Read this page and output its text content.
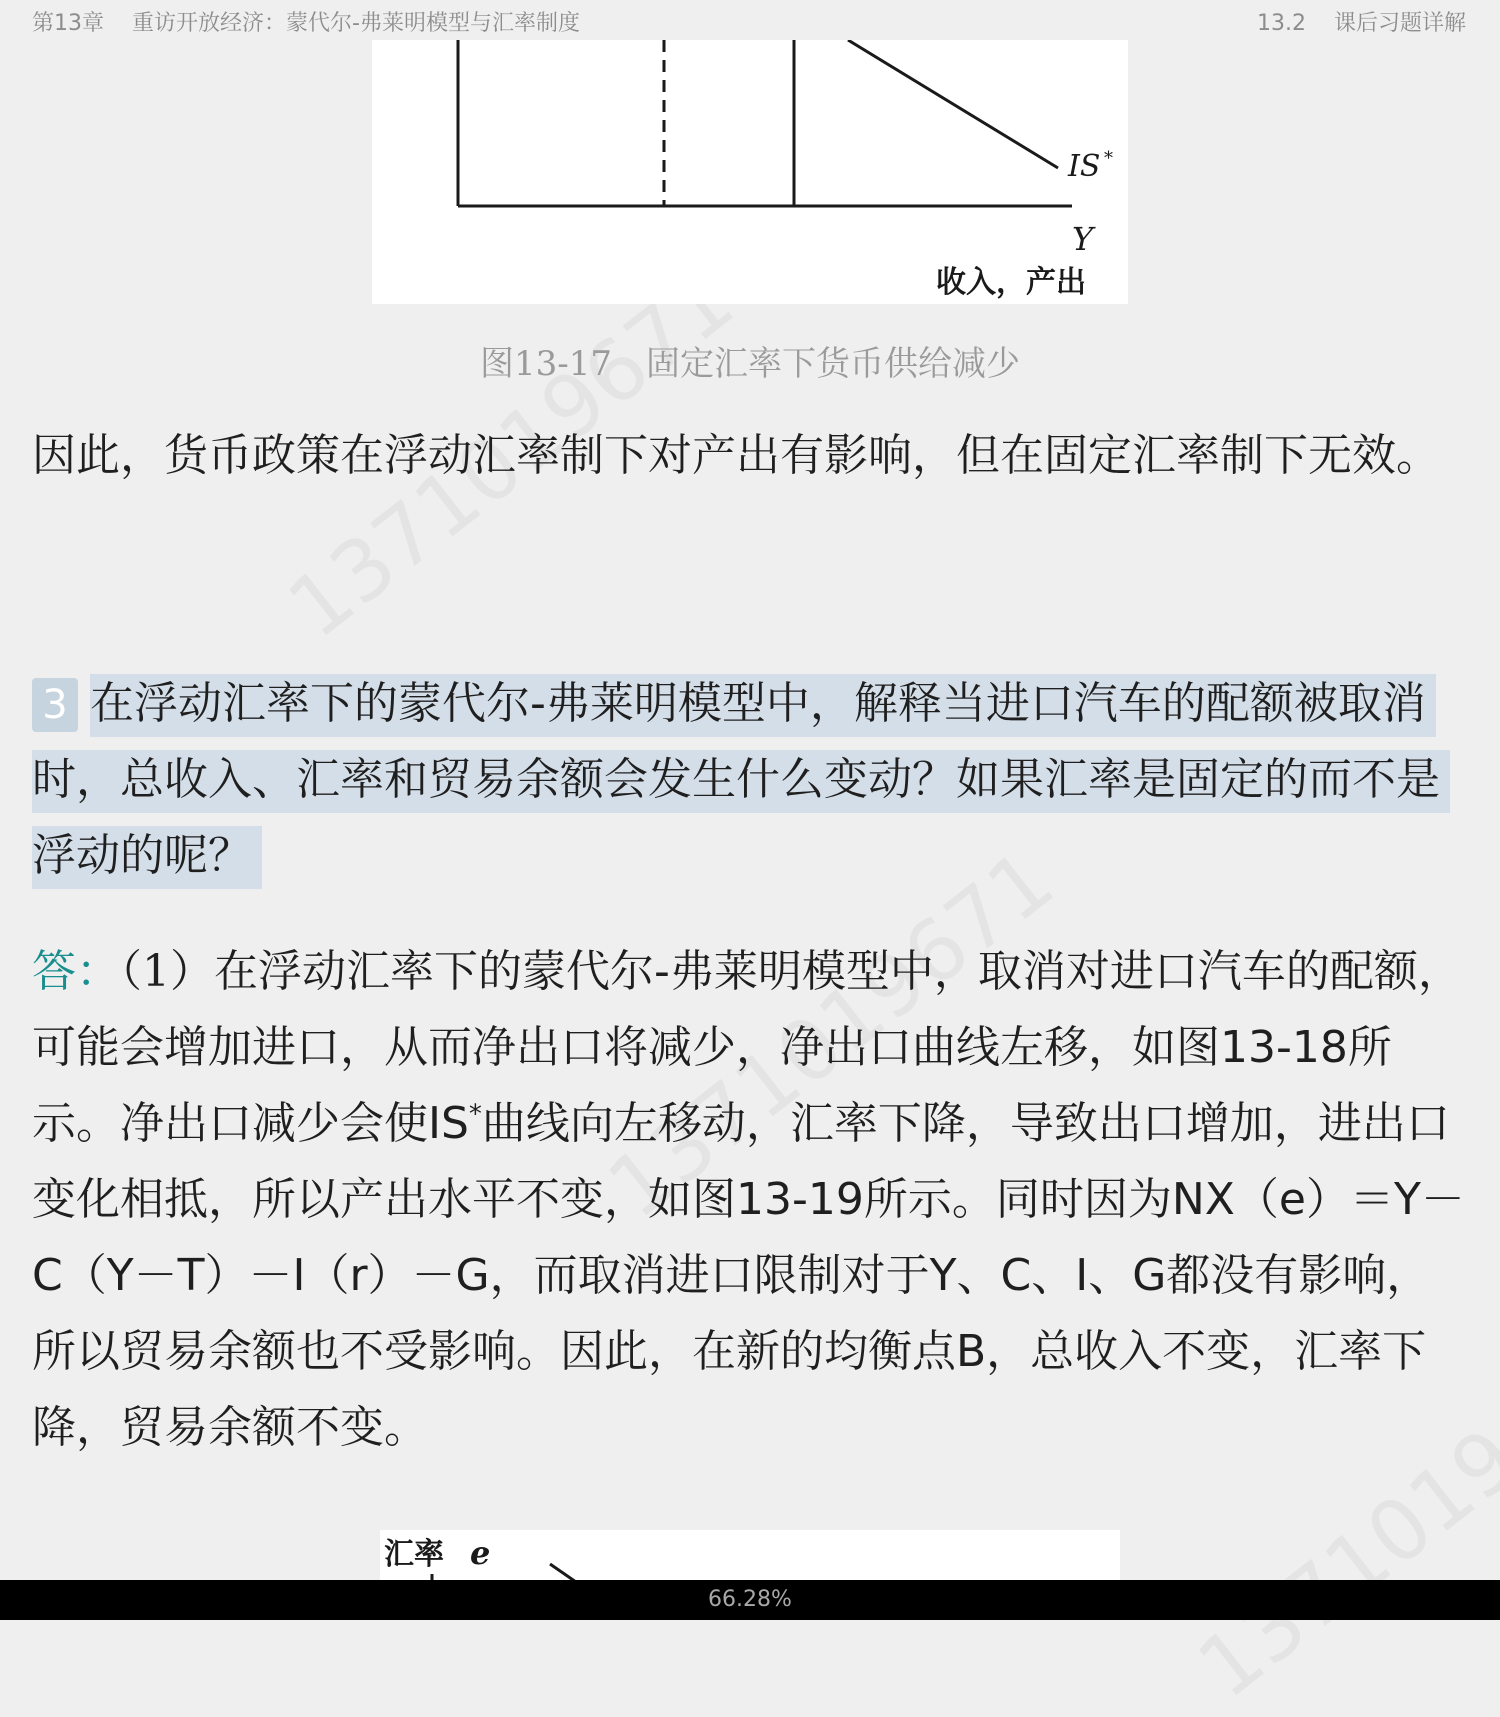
第13章 重访开放经济：蒙代尔-弗莱明模型与汇率制度	13.2 课后习题详解
IS *
Y
收入，产出
图13-17　固定汇率下货币供给减少
因此，货币政策在浮动汇率制下对产出有影响，但在固定汇率制下无效。
3 在浮动汇率下的蒙代尔-弗莱明模型中，解释当进口汽车的配额被取消时，总收入、汇率和贸易余额会发生什么变动？如果汇率是固定的而不是浮动的呢？
答：（1）在浮动汇率下的蒙代尔-弗莱明模型中，取消对进口汽车的配额，可能会增加进口，从而净出口将减少，净出口曲线左移，如图13-18所示。净出口减少会使IS*曲线向左移动，汇率下降，导致出口增加，进出口变化相抵，所以产出水平不变，如图13-19所示。同时因为NX（e）＝Y－C（Y－T）－I（r）－G，而取消进口限制对于Y、C、I、G都没有影响，所以贸易余额也不受影响。因此，在新的均衡点B，总收入不变，汇率下降，贸易余额不变。
汇率 e
66.28%
